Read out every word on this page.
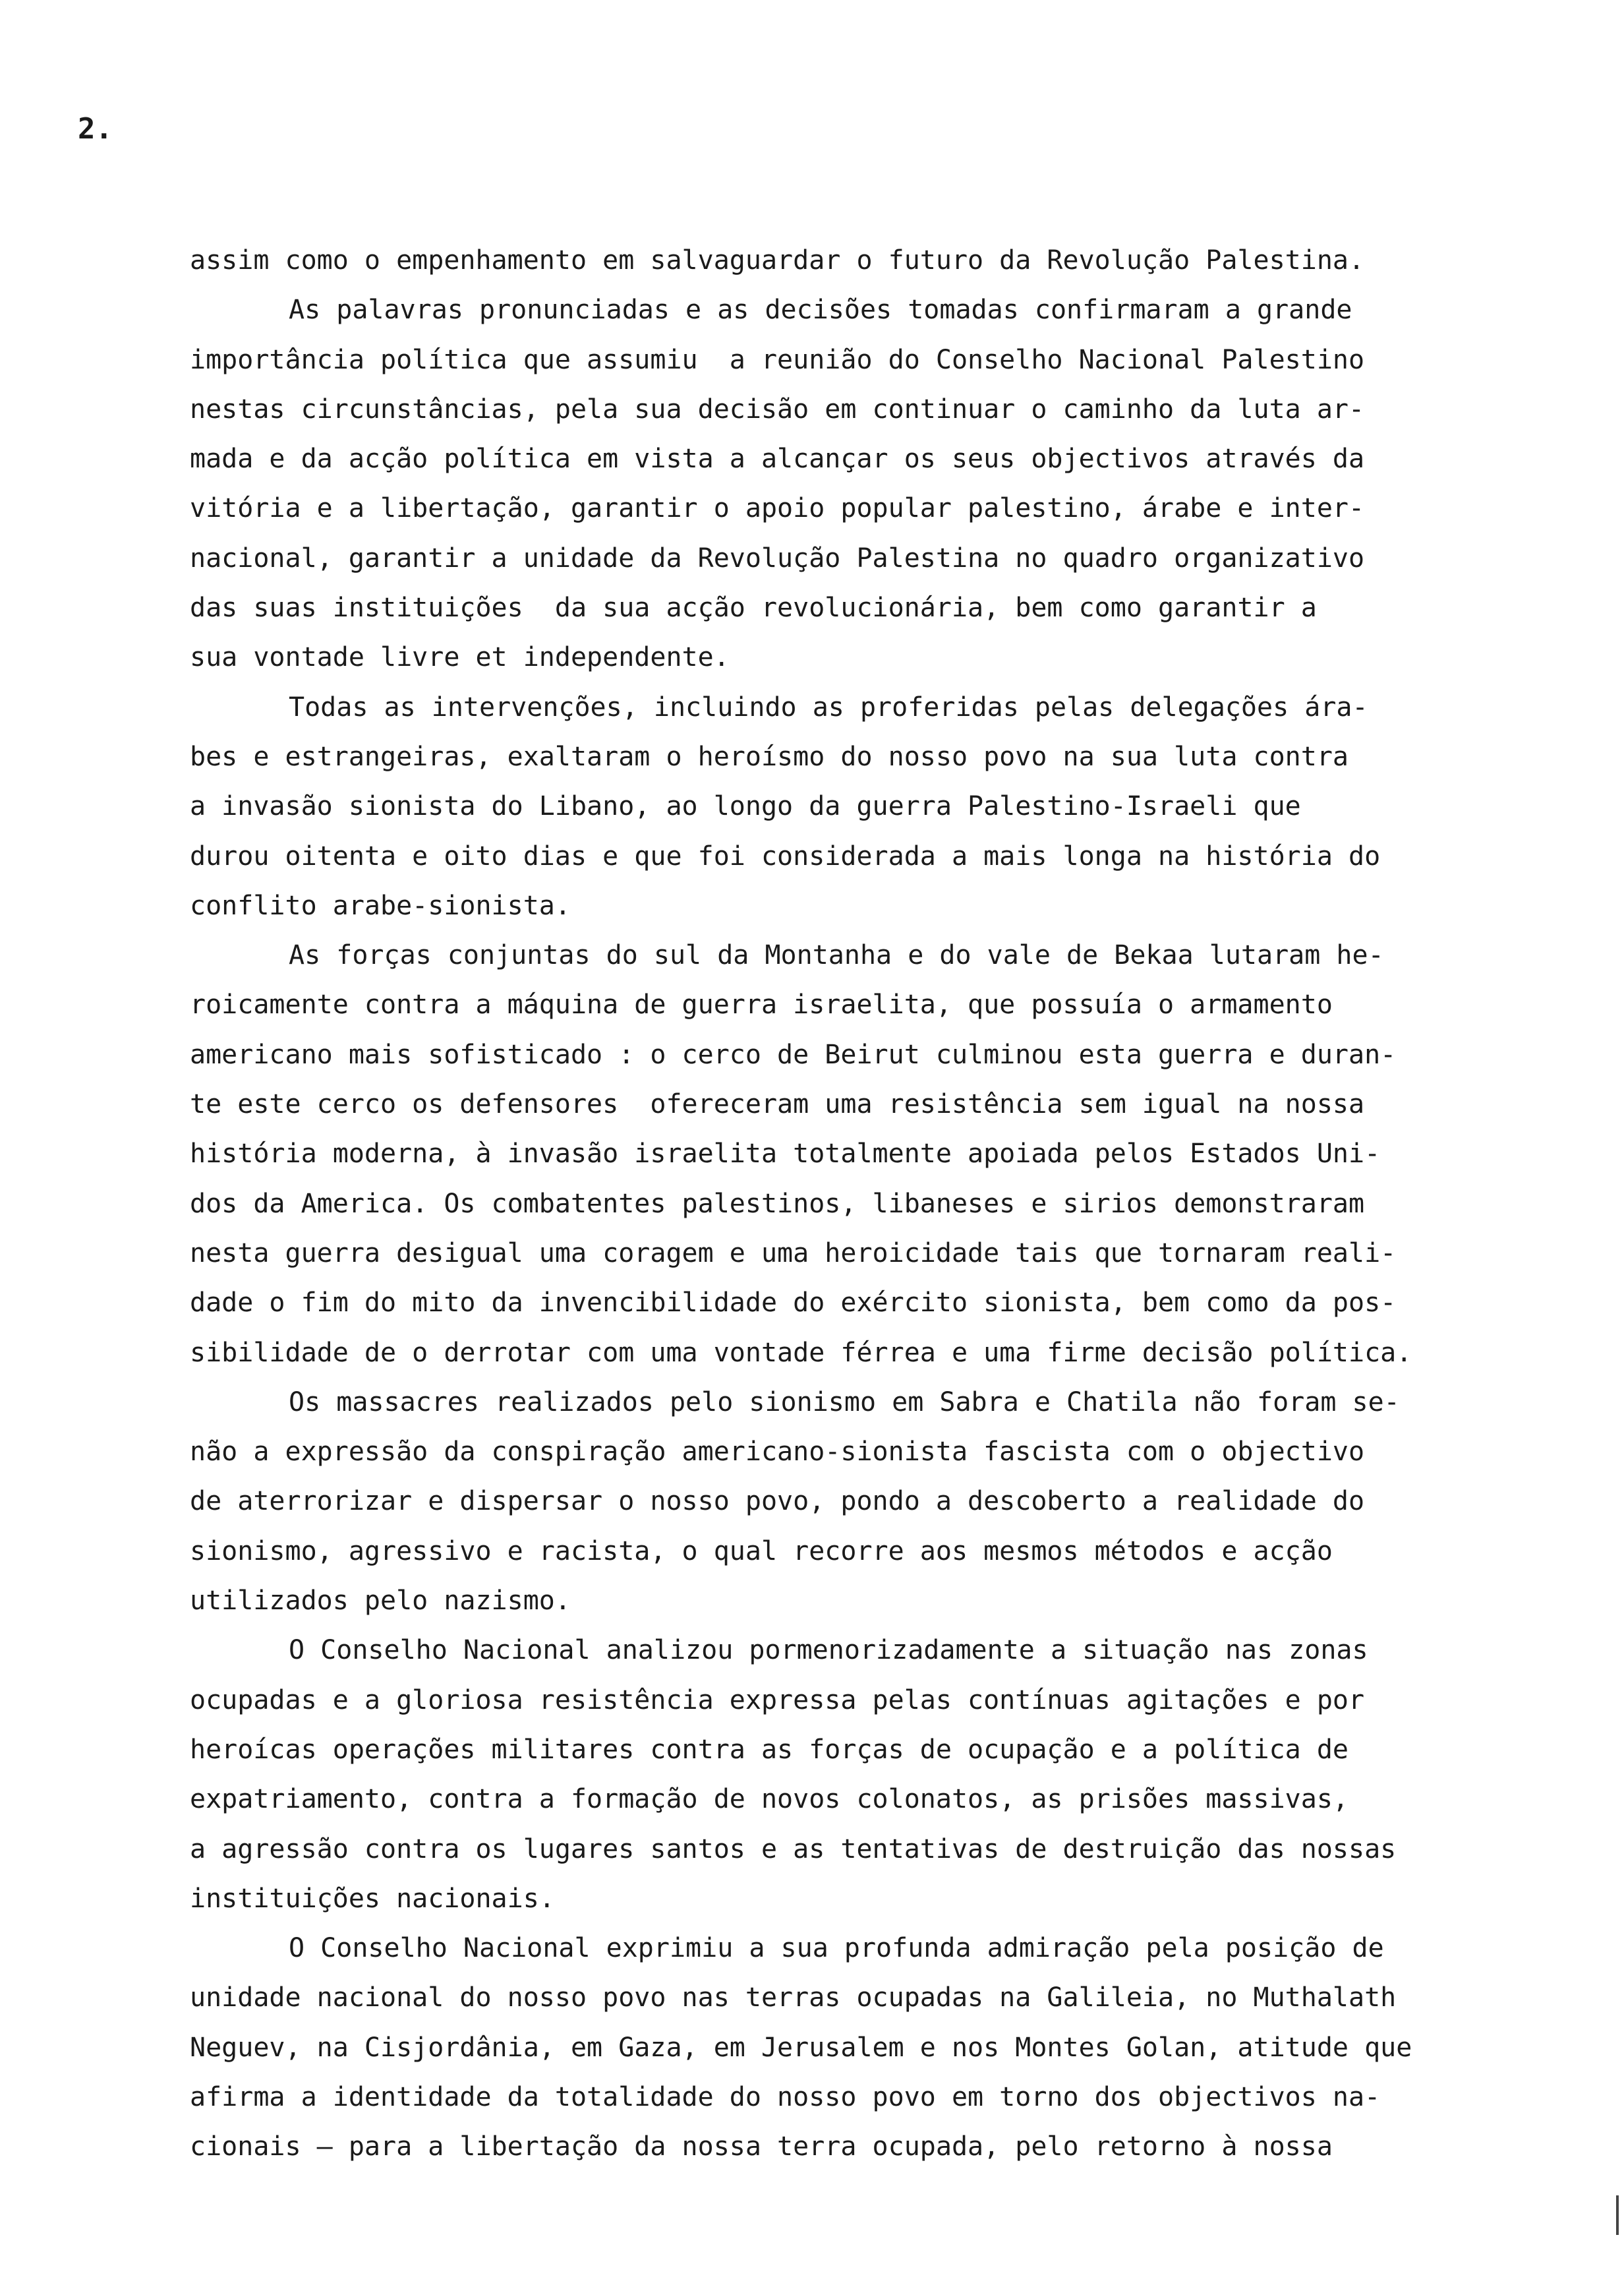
2.
assim como o empenhamento em salvaguardar o futuro da Revolução Palestina.
As palavras pronunciadas e as decisões tomadas confirmaram a grande
importância política que assumiu  a reunião do Conselho Nacional Palestino
nestas circunstâncias, pela sua decisão em continuar o caminho da luta ar-
mada e da acção política em vista a alcançar os seus objectivos através da
vitória e a libertação, garantir o apoio popular palestino, árabe e inter-
nacional, garantir a unidade da Revolução Palestina no quadro organizativo
das suas instituições  da sua acção revolucionária, bem como garantir a
sua vontade livre et independente.
Todas as intervenções, incluindo as proferidas pelas delegações ára-
bes e estrangeiras, exaltaram o heroísmo do nosso povo na sua luta contra
a invasão sionista do Libano, ao longo da guerra Palestino-Israeli que
durou oitenta e oito dias e que foi considerada a mais longa na história do
conflito arabe-sionista.
As forças conjuntas do sul da Montanha e do vale de Bekaa lutaram he-
roicamente contra a máquina de guerra israelita, que possuía o armamento
americano mais sofisticado : o cerco de Beirut culminou esta guerra e duran-
te este cerco os defensores  ofereceram uma resistência sem igual na nossa
história moderna, à invasão israelita totalmente apoiada pelos Estados Uni-
dos da America. Os combatentes palestinos, libaneses e sirios demonstraram
nesta guerra desigual uma coragem e uma heroicidade tais que tornaram reali-
dade o fim do mito da invencibilidade do exército sionista, bem como da pos-
sibilidade de o derrotar com uma vontade férrea e uma firme decisão política.
Os massacres realizados pelo sionismo em Sabra e Chatila não foram se-
não a expressão da conspiração americano-sionista fascista com o objectivo
de aterrorizar e dispersar o nosso povo, pondo a descoberto a realidade do
sionismo, agressivo e racista, o qual recorre aos mesmos métodos e acção
utilizados pelo nazismo.
O Conselho Nacional analizou pormenorizadamente a situação nas zonas
ocupadas e a gloriosa resistência expressa pelas contínuas agitações e por
heroícas operações militares contra as forças de ocupação e a política de
expatriamento, contra a formação de novos colonatos, as prisões massivas,
a agressão contra os lugares santos e as tentativas de destruição das nossas
instituições nacionais.
O Conselho Nacional exprimiu a sua profunda admiração pela posição de
unidade nacional do nosso povo nas terras ocupadas na Galileia, no Muthalath
Neguev, na Cisjordânia, em Gaza, em Jerusalem e nos Montes Golan, atitude que
afirma a identidade da totalidade do nosso povo em torno dos objectivos na-
cionais — para a libertação da nossa terra ocupada, pelo retorno à nossa
